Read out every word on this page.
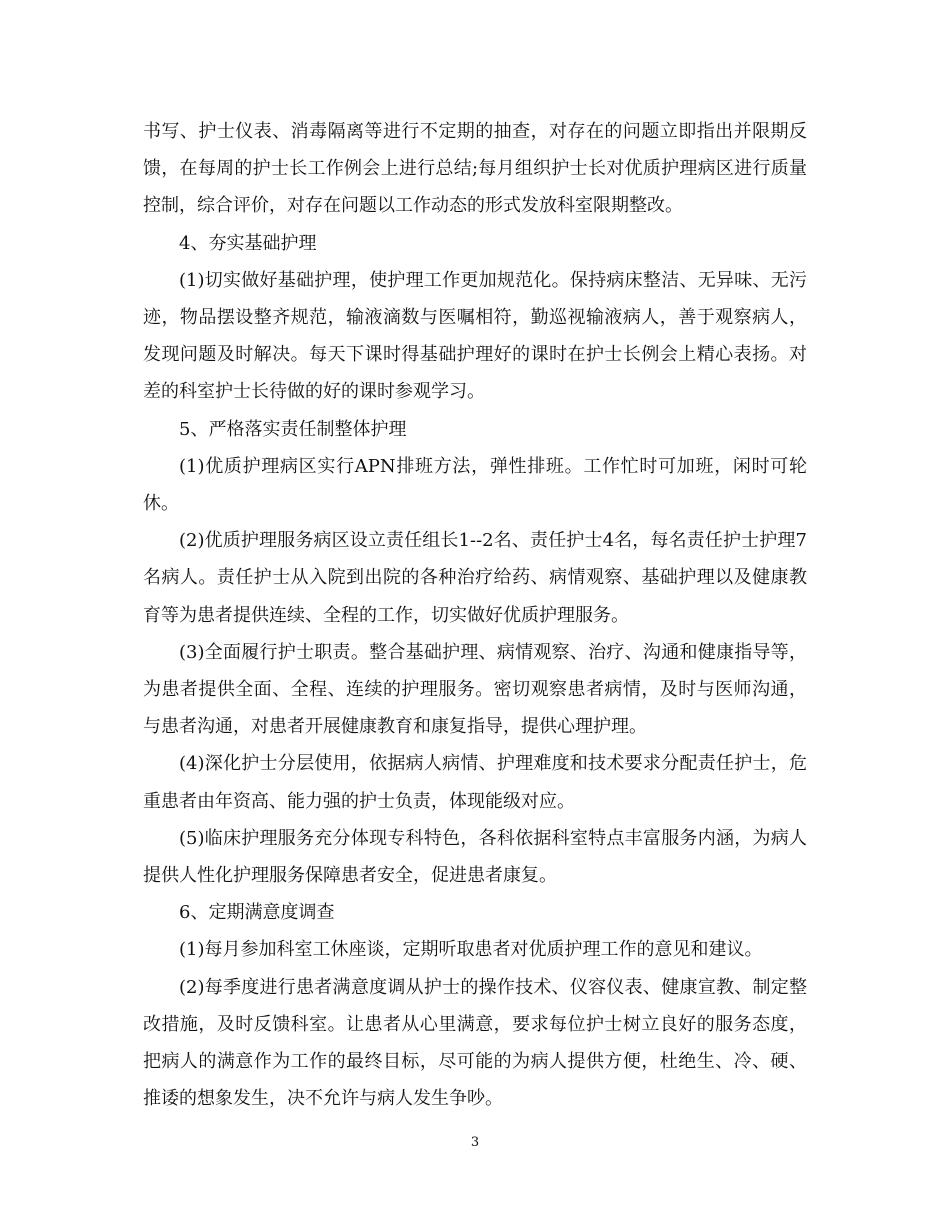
书写、护士仪表、消毒隔离等进行不定期的抽查，对存在的问题立即指出并限期反馈，在每周的护士长工作例会上进行总结;每月组织护士长对优质护理病区进行质量控制，综合评价，对存在问题以工作动态的形式发放科室限期整改。

4、夯实基础护理

(1)切实做好基础护理，使护理工作更加规范化。保持病床整洁、无异味、无污迹，物品摆设整齐规范，输液滴数与医嘱相符，勤巡视输液病人，善于观察病人，发现问题及时解决。每天下课时得基础护理好的课时在护士长例会上精心表扬。对差的科室护士长待做的好的课时参观学习。

5、严格落实责任制整体护理

(1)优质护理病区实行APN排班方法，弹性排班。工作忙时可加班，闲时可轮休。

(2)优质护理服务病区设立责任组长1--2名、责任护士4名，每名责任护士护理7名病人。责任护士从入院到出院的各种治疗给药、病情观察、基础护理以及健康教育等为患者提供连续、全程的工作，切实做好优质护理服务。

(3)全面履行护士职责。整合基础护理、病情观察、治疗、沟通和健康指导等，为患者提供全面、全程、连续的护理服务。密切观察患者病情，及时与医师沟通，与患者沟通，对患者开展健康教育和康复指导，提供心理护理。

(4)深化护士分层使用，依据病人病情、护理难度和技术要求分配责任护士，危重患者由年资高、能力强的护士负责，体现能级对应。

(5)临床护理服务充分体现专科特色，各科依据科室特点丰富服务内涵，为病人提供人性化护理服务保障患者安全，促进患者康复。

6、定期满意度调查

(1)每月参加科室工休座谈，定期听取患者对优质护理工作的意见和建议。

(2)每季度进行患者满意度调从护士的操作技术、仪容仪表、健康宣教、制定整改措施，及时反馈科室。让患者从心里满意，要求每位护士树立良好的服务态度，把病人的满意作为工作的最终目标，尽可能的为病人提供方便，杜绝生、冷、硬、推诿的想象发生，决不允许与病人发生争吵。

3
